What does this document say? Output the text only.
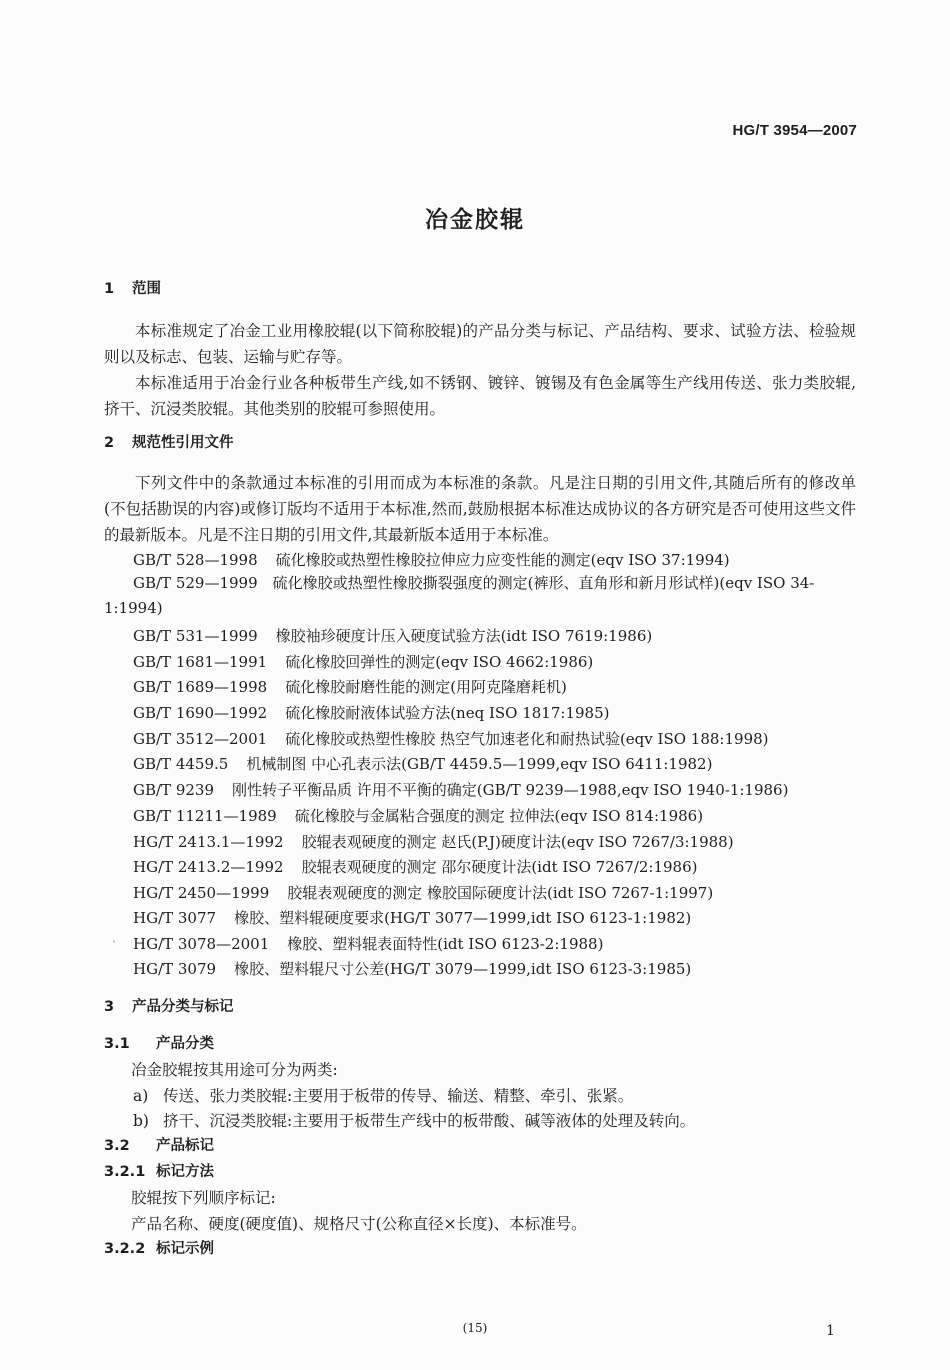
HG/T 3954—2007
冶金胶辊
1 范围
本标准规定了冶金工业用橡胶辊(以下简称胶辊)的产品分类与标记、产品结构、要求、试验方法、检验规则以及标志、包装、运输与贮存等。
本标准适用于冶金行业各种板带生产线,如不锈钢、镀锌、镀锡及有色金属等生产线用传送、张力类胶辊,挤干、沉浸类胶辊。其他类别的胶辊可参照使用。
2 规范性引用文件
下列文件中的条款通过本标准的引用而成为本标准的条款。凡是注日期的引用文件,其随后所有的修改单(不包括勘误的内容)或修订版均不适用于本标准,然而,鼓励根据本标准达成协议的各方研究是否可使用这些文件的最新版本。凡是不注日期的引用文件,其最新版本适用于本标准。
GB/T 528—1998 硫化橡胶或热塑性橡胶拉伸应力应变性能的测定(eqv ISO 37:1994)
GB/T 529—1999　 硫化橡胶或热塑性橡胶撕裂强度的测定(裤形、直角形和新月形试样)(eqv ISO 34-1:1994)
GB/T 531—1999 橡胶袖珍硬度计压入硬度试验方法(idt ISO 7619:1986)
GB/T 1681—1991 硫化橡胶回弹性的测定(eqv ISO 4662:1986)
GB/T 1689—1998 硫化橡胶耐磨性能的测定(用阿克隆磨耗机)
GB/T 1690—1992 硫化橡胶耐液体试验方法(neq ISO 1817:1985)
GB/T 3512—2001 硫化橡胶或热塑性橡胶 热空气加速老化和耐热试验(eqv ISO 188:1998)
GB/T 4459.5 机械制图 中心孔表示法(GB/T 4459.5—1999,eqv ISO 6411:1982)
GB/T 9239 刚性转子平衡品质 许用不平衡的确定(GB/T 9239—1988,eqv ISO 1940-1:1986)
GB/T 11211—1989 硫化橡胶与金属粘合强度的测定 拉伸法(eqv ISO 814:1986)
HG/T 2413.1—1992 胶辊表观硬度的测定 赵氏(P.J)硬度计法(eqv ISO 7267/3:1988)
HG/T 2413.2—1992 胶辊表观硬度的测定 邵尔硬度计法(idt ISO 7267/2:1986)
HG/T 2450—1999 胶辊表观硬度的测定 橡胶国际硬度计法(idt ISO 7267-1:1997)
HG/T 3077 橡胶、塑料辊硬度要求(HG/T 3077—1999,idt ISO 6123-1:1982)
HG/T 3078—2001 橡胶、塑料辊表面特性(idt ISO 6123-2:1988)
HG/T 3079 橡胶、塑料辊尺寸公差(HG/T 3079—1999,idt ISO 6123-3:1985)
3 产品分类与标记
3.1 产品分类
冶金胶辊按其用途可分为两类:
a) 传送、张力类胶辊:主要用于板带的传导、输送、精整、牵引、张紧。
b) 挤干、沉浸类胶辊:主要用于板带生产线中的板带酸、碱等液体的处理及转向。
3.2 产品标记
3.2.1 标记方法
胶辊按下列顺序标记:
产品名称、硬度(硬度值)、规格尺寸(公称直径×长度)、本标准号。
3.2.2 标记示例
ˋ
(15)	1
